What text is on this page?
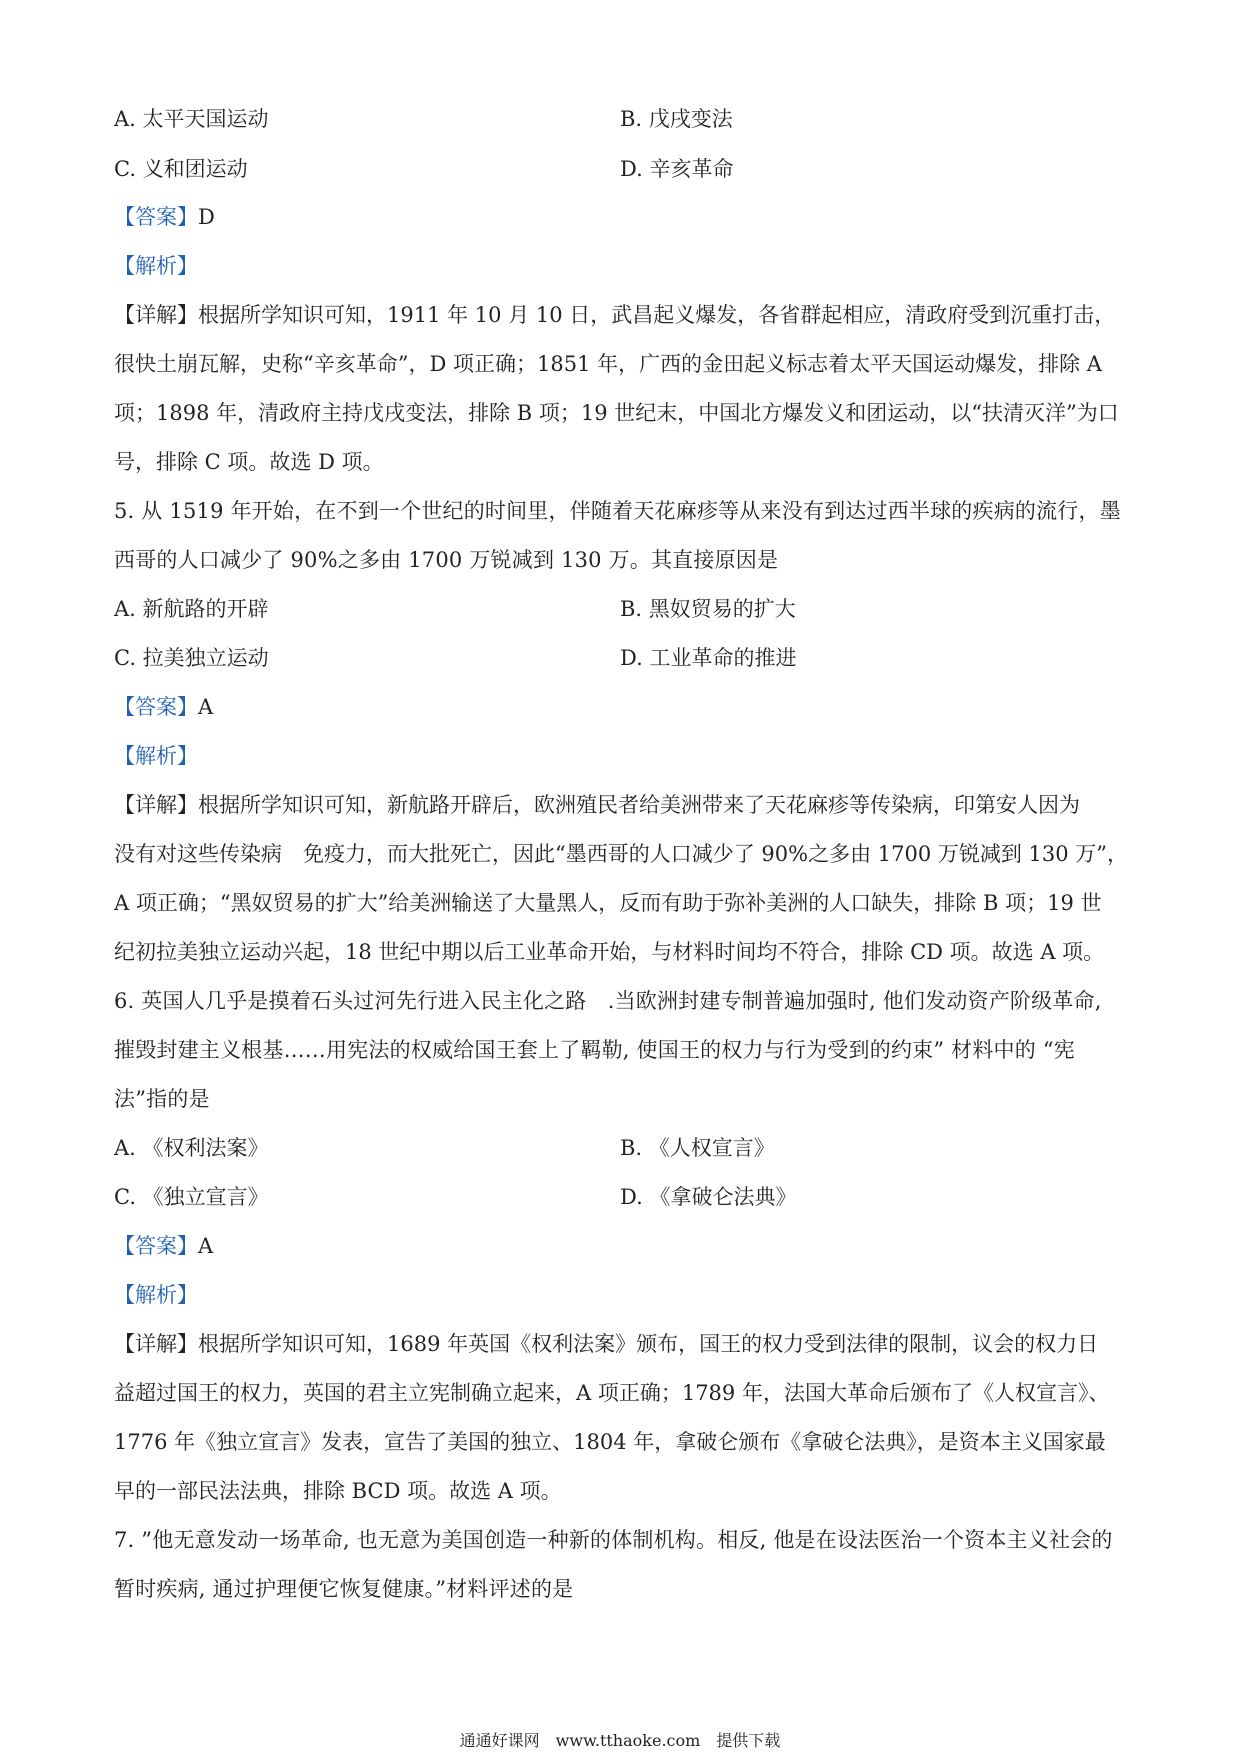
A. 太平天国运动	B. 戊戌变法
C. 义和团运动	D. 辛亥革命
【答案】D
【解析】
【详解】根据所学知识可知，1911 年 10 月 10 日，武昌起义爆发，各省群起相应，清政府受到沉重打击，
很快土崩瓦解，史称“辛亥革命”，D 项正确；1851 年，广西的金田起义标志着太平天国运动爆发，排除 A
项；1898 年，清政府主持戊戌变法，排除 B 项；19 世纪末，中国北方爆发义和团运动，以“扶清灭洋”为口
号，排除 C 项。故选 D 项。
5. 从 1519 年开始，在不到一个世纪的时间里，伴随着天花麻疹等从来没有到达过西半球的疾病的流行，墨
西哥的人口减少了 90%之多由 1700 万锐减到 130 万。其直接原因是
A. 新航路的开辟	B. 黑奴贸易的扩大
C. 拉美独立运动	D. 工业革命的推进
【答案】A
【解析】
【详解】根据所学知识可知，新航路开辟后，欧洲殖民者给美洲带来了天花麻疹等传染病，印第安人因为
没有对这些传染病　免疫力，而大批死亡，因此“墨西哥的人口减少了 90%之多由 1700 万锐减到 130 万”，
A 项正确；“黑奴贸易的扩大”给美洲输送了大量黑人，反而有助于弥补美洲的人口缺失，排除 B 项；19 世
纪初拉美独立运动兴起，18 世纪中期以后工业革命开始，与材料时间均不符合，排除 CD 项。故选 A 项。
6. 英国人几乎是摸着石头过河先行进入民主化之路　.当欧洲封建专制普遍加强时, 他们发动资产阶级革命,
摧毁封建主义根基……用宪法的权威给国王套上了羁勒, 使国王的权力与行为受到的约束” 材料中的 “宪
法”指的是
A. 《权利法案》	B. 《人权宣言》
C. 《独立宣言》	D. 《拿破仑法典》
【答案】A
【解析】
【详解】根据所学知识可知，1689 年英国《权利法案》颁布，国王的权力受到法律的限制，议会的权力日
益超过国王的权力，英国的君主立宪制确立起来，A 项正确；1789 年，法国大革命后颁布了《人权宣言》、
1776 年《独立宣言》发表，宣告了美国的独立、1804 年，拿破仑颁布《拿破仑法典》，是资本主义国家最
早的一部民法法典，排除 BCD 项。故选 A 项。
7. ”他无意发动一场革命, 也无意为美国创造一种新的体制机构。相反, 他是在设法医治一个资本主义社会的
暂时疾病, 通过护理便它恢复健康。”材料评述的是
通通好课网　www.tthaoke.com　提供下载
